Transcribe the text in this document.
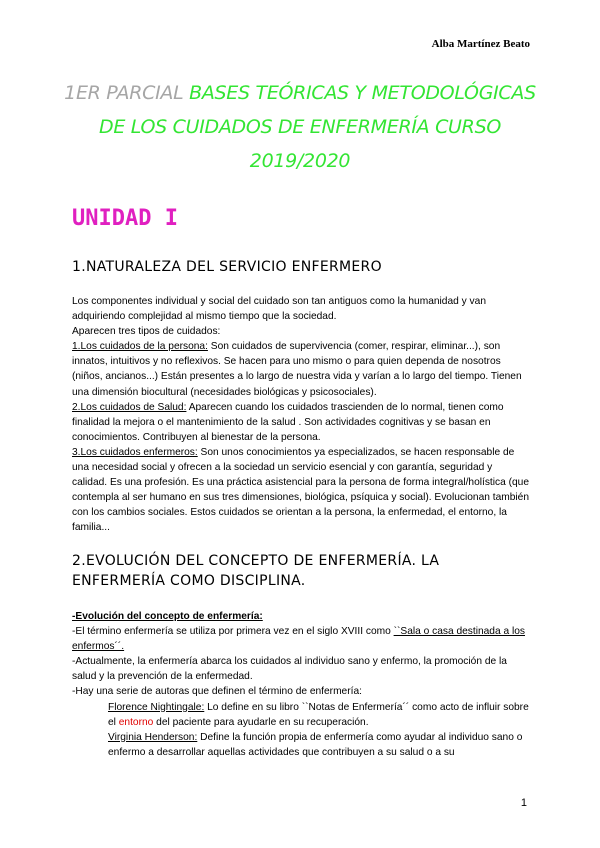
Alba Martínez Beato
1ER PARCIAL BASES TEÓRICAS Y METODOLÓGICAS DE LOS CUIDADOS DE ENFERMERÍA CURSO 2019/2020
UNIDAD I
1.NATURALEZA DEL SERVICIO ENFERMERO

Los componentes individual y social del cuidado son tan antiguos como la humanidad y van adquiriendo complejidad al mismo tiempo que la sociedad.

Aparecen tres tipos de cuidados:

1.Los cuidados de la persona: Son cuidados de supervivencia (comer, respirar, eliminar...), son innatos, intuitivos y no reflexivos. Se hacen para uno mismo o para quien dependa de nosotros (niños, ancianos...) Están presentes a lo largo de nuestra vida y varían a lo largo del tiempo. Tienen una dimensión biocultural (necesidades biológicas y psicosociales).

2.Los cuidados de Salud: Aparecen cuando los cuidados trascienden de lo normal, tienen como finalidad la mejora o el mantenimiento de la salud . Son actividades cognitivas y se basan en conocimientos. Contribuyen al bienestar de la persona.

3.Los cuidados enfermeros: Son unos conocimientos ya especializados, se hacen responsable de una necesidad social y ofrecen a la sociedad un servicio esencial y con garantía, seguridad y calidad. Es una profesión. Es una práctica asistencial para la persona de forma integral/holística (que contempla al ser humano en sus tres dimensiones, biológica, psíquica y social). Evolucionan también con los cambios sociales. Estos cuidados se orientan a la persona, la enfermedad, el entorno, la familia...

2.EVOLUCIÓN DEL CONCEPTO DE ENFERMERÍA. LA ENFERMERÍA COMO DISCIPLINA.

-Evolución del concepto de enfermería:

-El término enfermería se utiliza por primera vez en el siglo XVIII como ``Sala o casa destinada a los enfermos´´.

-Actualmente, la enfermería abarca los cuidados al individuo sano y enfermo, la promoción de la salud y la prevención de la enfermedad.

-Hay una serie de autoras que definen el término de enfermería:

Florence Nightingale: Lo define en su libro ``Notas de Enfermería´´ como acto de influir sobre el entorno del paciente para ayudarle en su recuperación.

Virginia Henderson: Define la función propia de enfermería como ayudar al individuo sano o enfermo a desarrollar aquellas actividades que contribuyen a su salud o a su

1
